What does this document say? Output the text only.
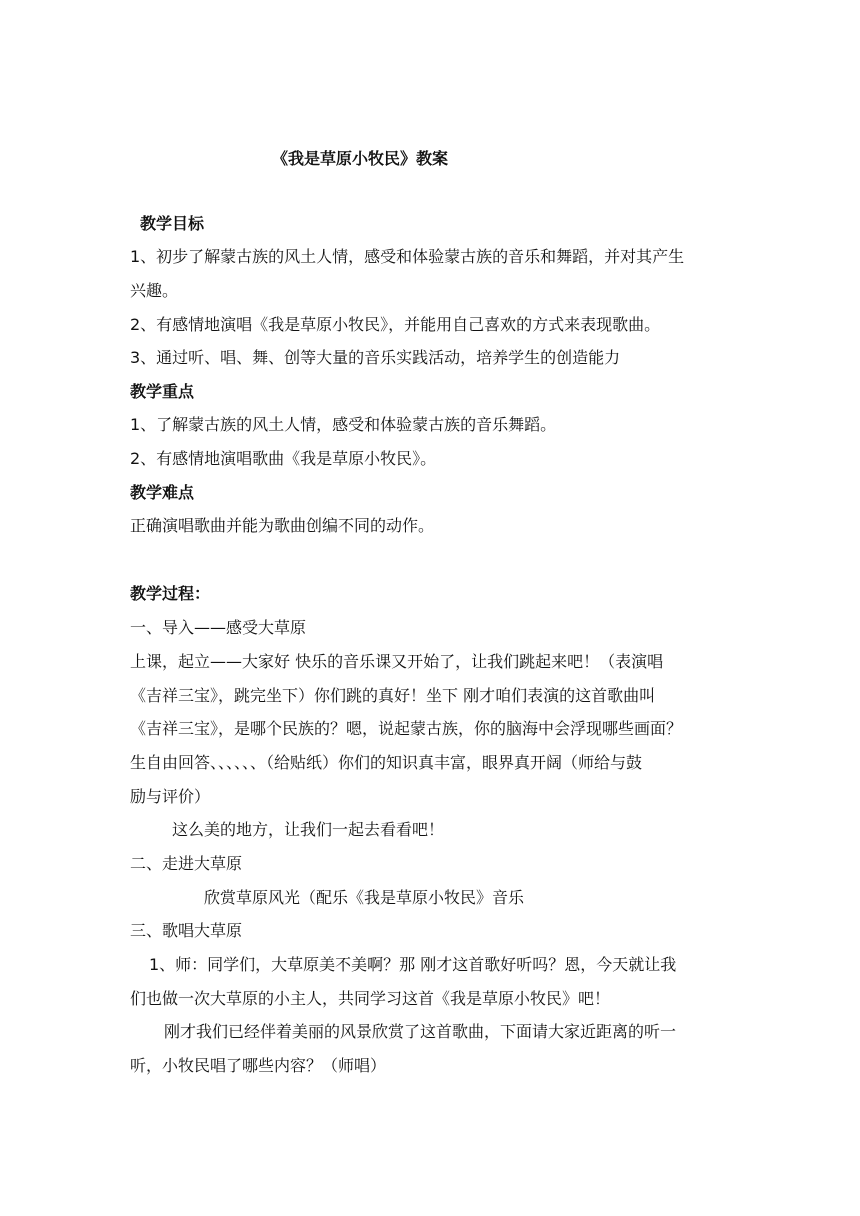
《我是草原小牧民》教案
教学目标
1、初步了解蒙古族的风土人情，感受和体验蒙古族的音乐和舞蹈，并对其产生
兴趣。
2、有感情地演唱《我是草原小牧民》，并能用自己喜欢的方式来表现歌曲。
3、通过听、唱、舞、创等大量的音乐实践活动，培养学生的创造能力
教学重点
1、了解蒙古族的风土人情，感受和体验蒙古族的音乐舞蹈。
2、有感情地演唱歌曲《我是草原小牧民》。
教学难点
正确演唱歌曲并能为歌曲创编不同的动作。
教学过程：
一、导入——感受大草原
上课，起立——大家好 快乐的音乐课又开始了，让我们跳起来吧！（表演唱
《吉祥三宝》，跳完坐下）你们跳的真好！坐下 刚才咱们表演的这首歌曲叫
《吉祥三宝》，是哪个民族的？嗯，说起蒙古族，你的脑海中会浮现哪些画面？
生自由回答、、、、、、（给贴纸）你们的知识真丰富，眼界真开阔（师给与鼓
励与评价）
这么美的地方，让我们一起去看看吧！
二、走进大草原
欣赏草原风光（配乐《我是草原小牧民》音乐
三、歌唱大草原
1、师：同学们，大草原美不美啊？那 刚才这首歌好听吗？恩，今天就让我
们也做一次大草原的小主人，共同学习这首《我是草原小牧民》吧！
刚才我们已经伴着美丽的风景欣赏了这首歌曲，下面请大家近距离的听一
听，小牧民唱了哪些内容？（师唱）
